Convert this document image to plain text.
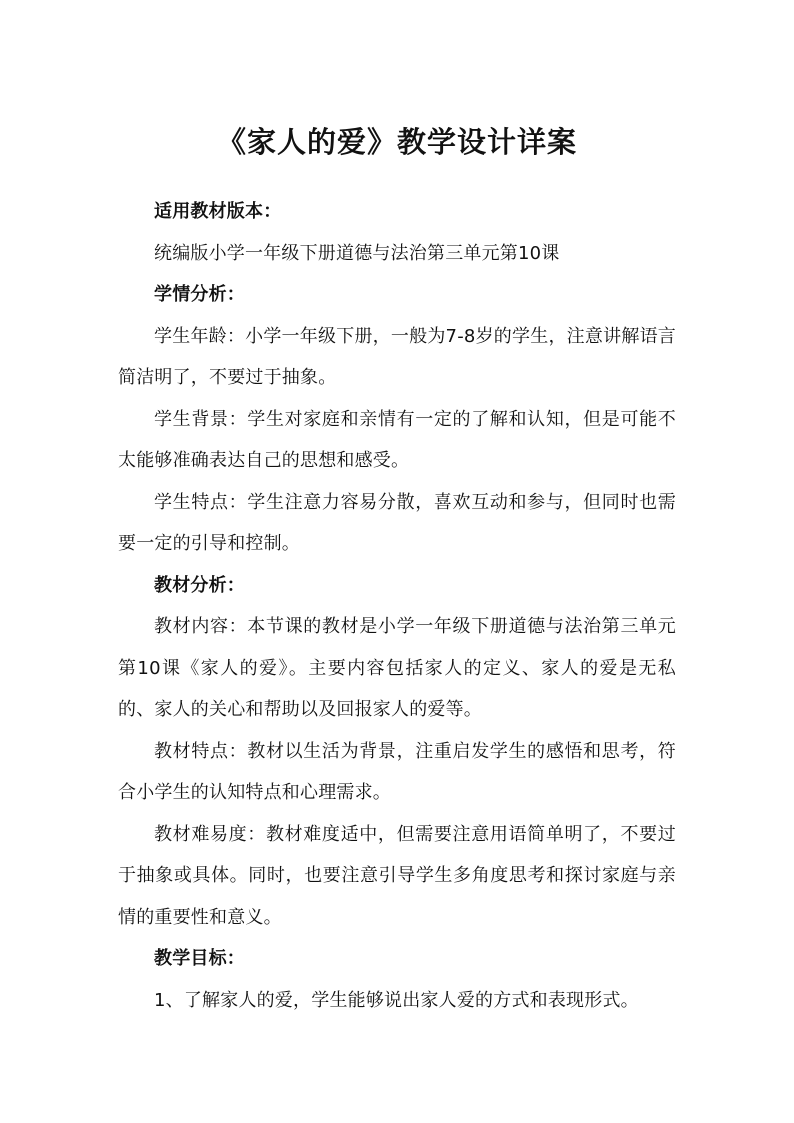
《家人的爱》教学设计详案

适用教材版本：

统编版小学一年级下册道德与法治第三单元第10课

学情分析：

学生年龄：小学一年级下册，一般为7-8岁的学生，注意讲解语言简洁明了，不要过于抽象。

学生背景：学生对家庭和亲情有一定的了解和认知，但是可能不太能够准确表达自己的思想和感受。

学生特点：学生注意力容易分散，喜欢互动和参与，但同时也需要一定的引导和控制。

教材分析：

教材内容：本节课的教材是小学一年级下册道德与法治第三单元第10课《家人的爱》。主要内容包括家人的定义、家人的爱是无私的、家人的关心和帮助以及回报家人的爱等。

教材特点：教材以生活为背景，注重启发学生的感悟和思考，符合小学生的认知特点和心理需求。

教材难易度：教材难度适中，但需要注意用语简单明了，不要过于抽象或具体。同时，也要注意引导学生多角度思考和探讨家庭与亲情的重要性和意义。

教学目标：

1、了解家人的爱，学生能够说出家人爱的方式和表现形式。
